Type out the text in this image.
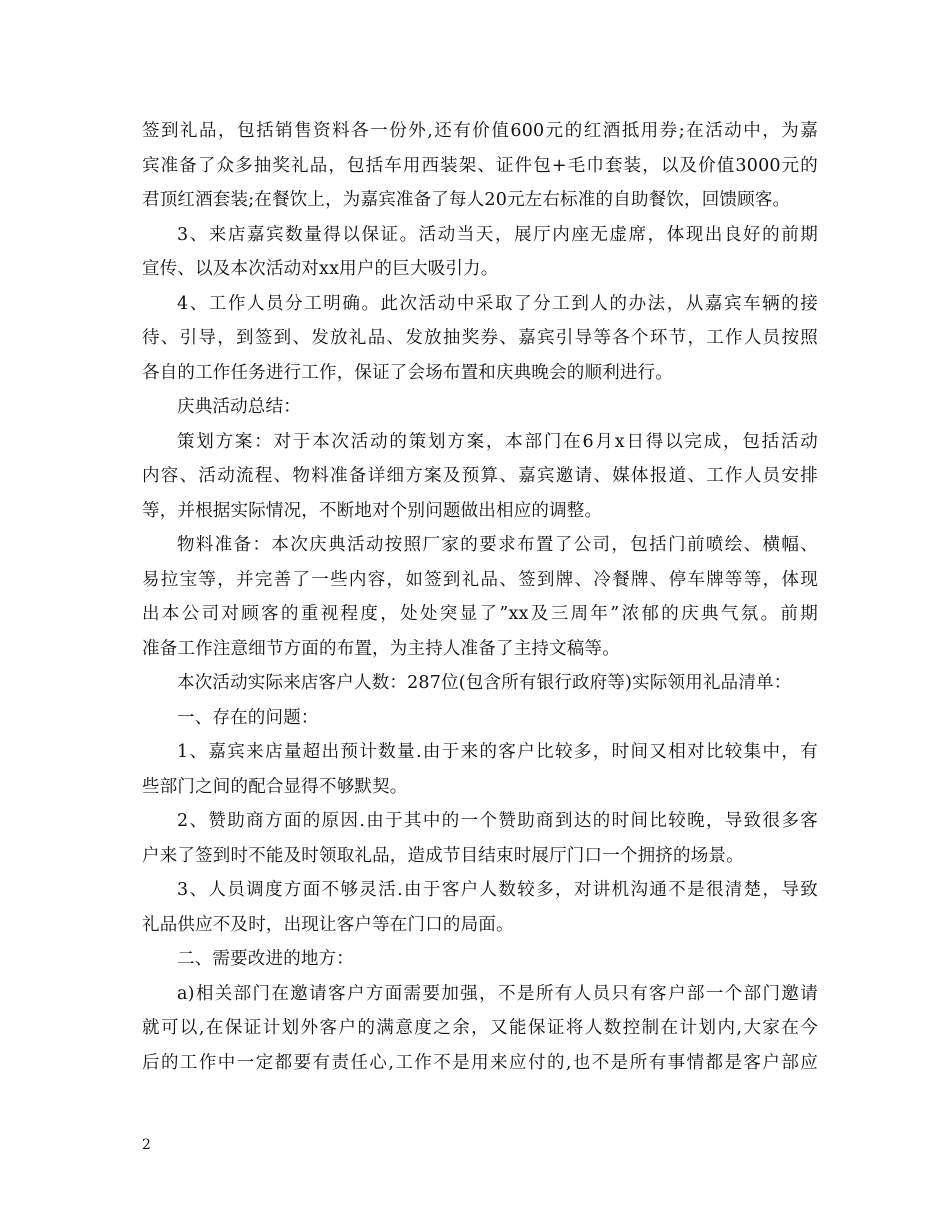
签到礼品，包括销售资料各一份外,还有价值600元的红酒抵用券;在活动中，为嘉
宾准备了众多抽奖礼品，包括车用西装架、证件包+毛巾套装，以及价值3000元的
君顶红酒套装;在餐饮上，为嘉宾准备了每人20元左右标准的自助餐饮，回馈顾客。
3、来店嘉宾数量得以保证。活动当天，展厅内座无虚席，体现出良好的前期
宣传、以及本次活动对xx用户的巨大吸引力。
4、工作人员分工明确。此次活动中采取了分工到人的办法，从嘉宾车辆的接
待、引导，到签到、发放礼品、发放抽奖券、嘉宾引导等各个环节，工作人员按照
各自的工作任务进行工作，保证了会场布置和庆典晚会的顺利进行。
庆典活动总结：
策划方案：对于本次活动的策划方案，本部门在6月x日得以完成，包括活动
内容、活动流程、物料准备详细方案及预算、嘉宾邀请、媒体报道、工作人员安排
等，并根据实际情况，不断地对个别问题做出相应的调整。
物料准备：本次庆典活动按照厂家的要求布置了公司，包括门前喷绘、横幅、
易拉宝等，并完善了一些内容，如签到礼品、签到牌、冷餐牌、停车牌等等，体现
出本公司对顾客的重视程度，处处突显了”xx及三周年”浓郁的庆典气氛。前期
准备工作注意细节方面的布置，为主持人准备了主持文稿等。
本次活动实际来店客户人数：287位(包含所有银行政府等)实际领用礼品清单：
一、存在的问题：
1、嘉宾来店量超出预计数量.由于来的客户比较多，时间又相对比较集中，有
些部门之间的配合显得不够默契。
2、赞助商方面的原因.由于其中的一个赞助商到达的时间比较晚，导致很多客
户来了签到时不能及时领取礼品，造成节目结束时展厅门口一个拥挤的场景。
3、人员调度方面不够灵活.由于客户人数较多，对讲机沟通不是很清楚，导致
礼品供应不及时，出现让客户等在门口的局面。
二、需要改进的地方：
a)相关部门在邀请客户方面需要加强，不是所有人员只有客户部一个部门邀请
就可以,在保证计划外客户的满意度之余，又能保证将人数控制在计划内,大家在今
后的工作中一定都要有责任心,工作不是用来应付的,也不是所有事情都是客户部应
2
